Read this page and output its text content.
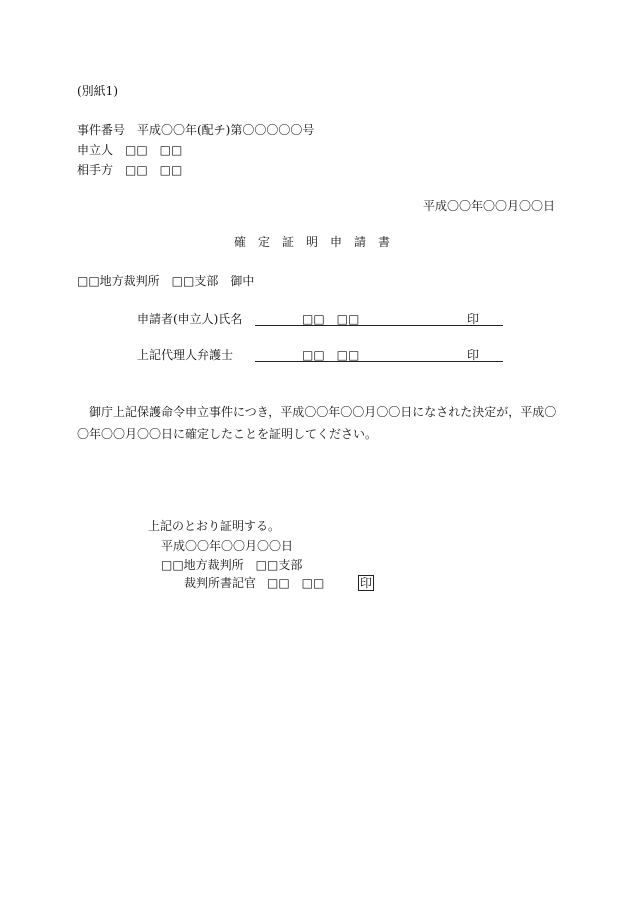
(別紙1)
事件番号 平成〇〇年(配チ)第〇〇〇〇〇号
申立人 □□　□□
相手方 □□　□□
平成〇〇年〇〇月〇〇日
確定証明申請書
□□地方裁判所　□□支部　御中
申請者(申立人)氏名	□□　□□	印
上記代理人弁護士	□□　□□	印
　御庁上記保護命令申立事件につき，平成〇〇年〇〇月〇〇日になされた決定が，平成〇
〇年〇〇月〇〇日に確定したことを証明してください。
上記のとおり証明する。
平成〇〇年〇〇月〇〇日
□□地方裁判所　□□支部
裁判所書記官 □□　□□	印
